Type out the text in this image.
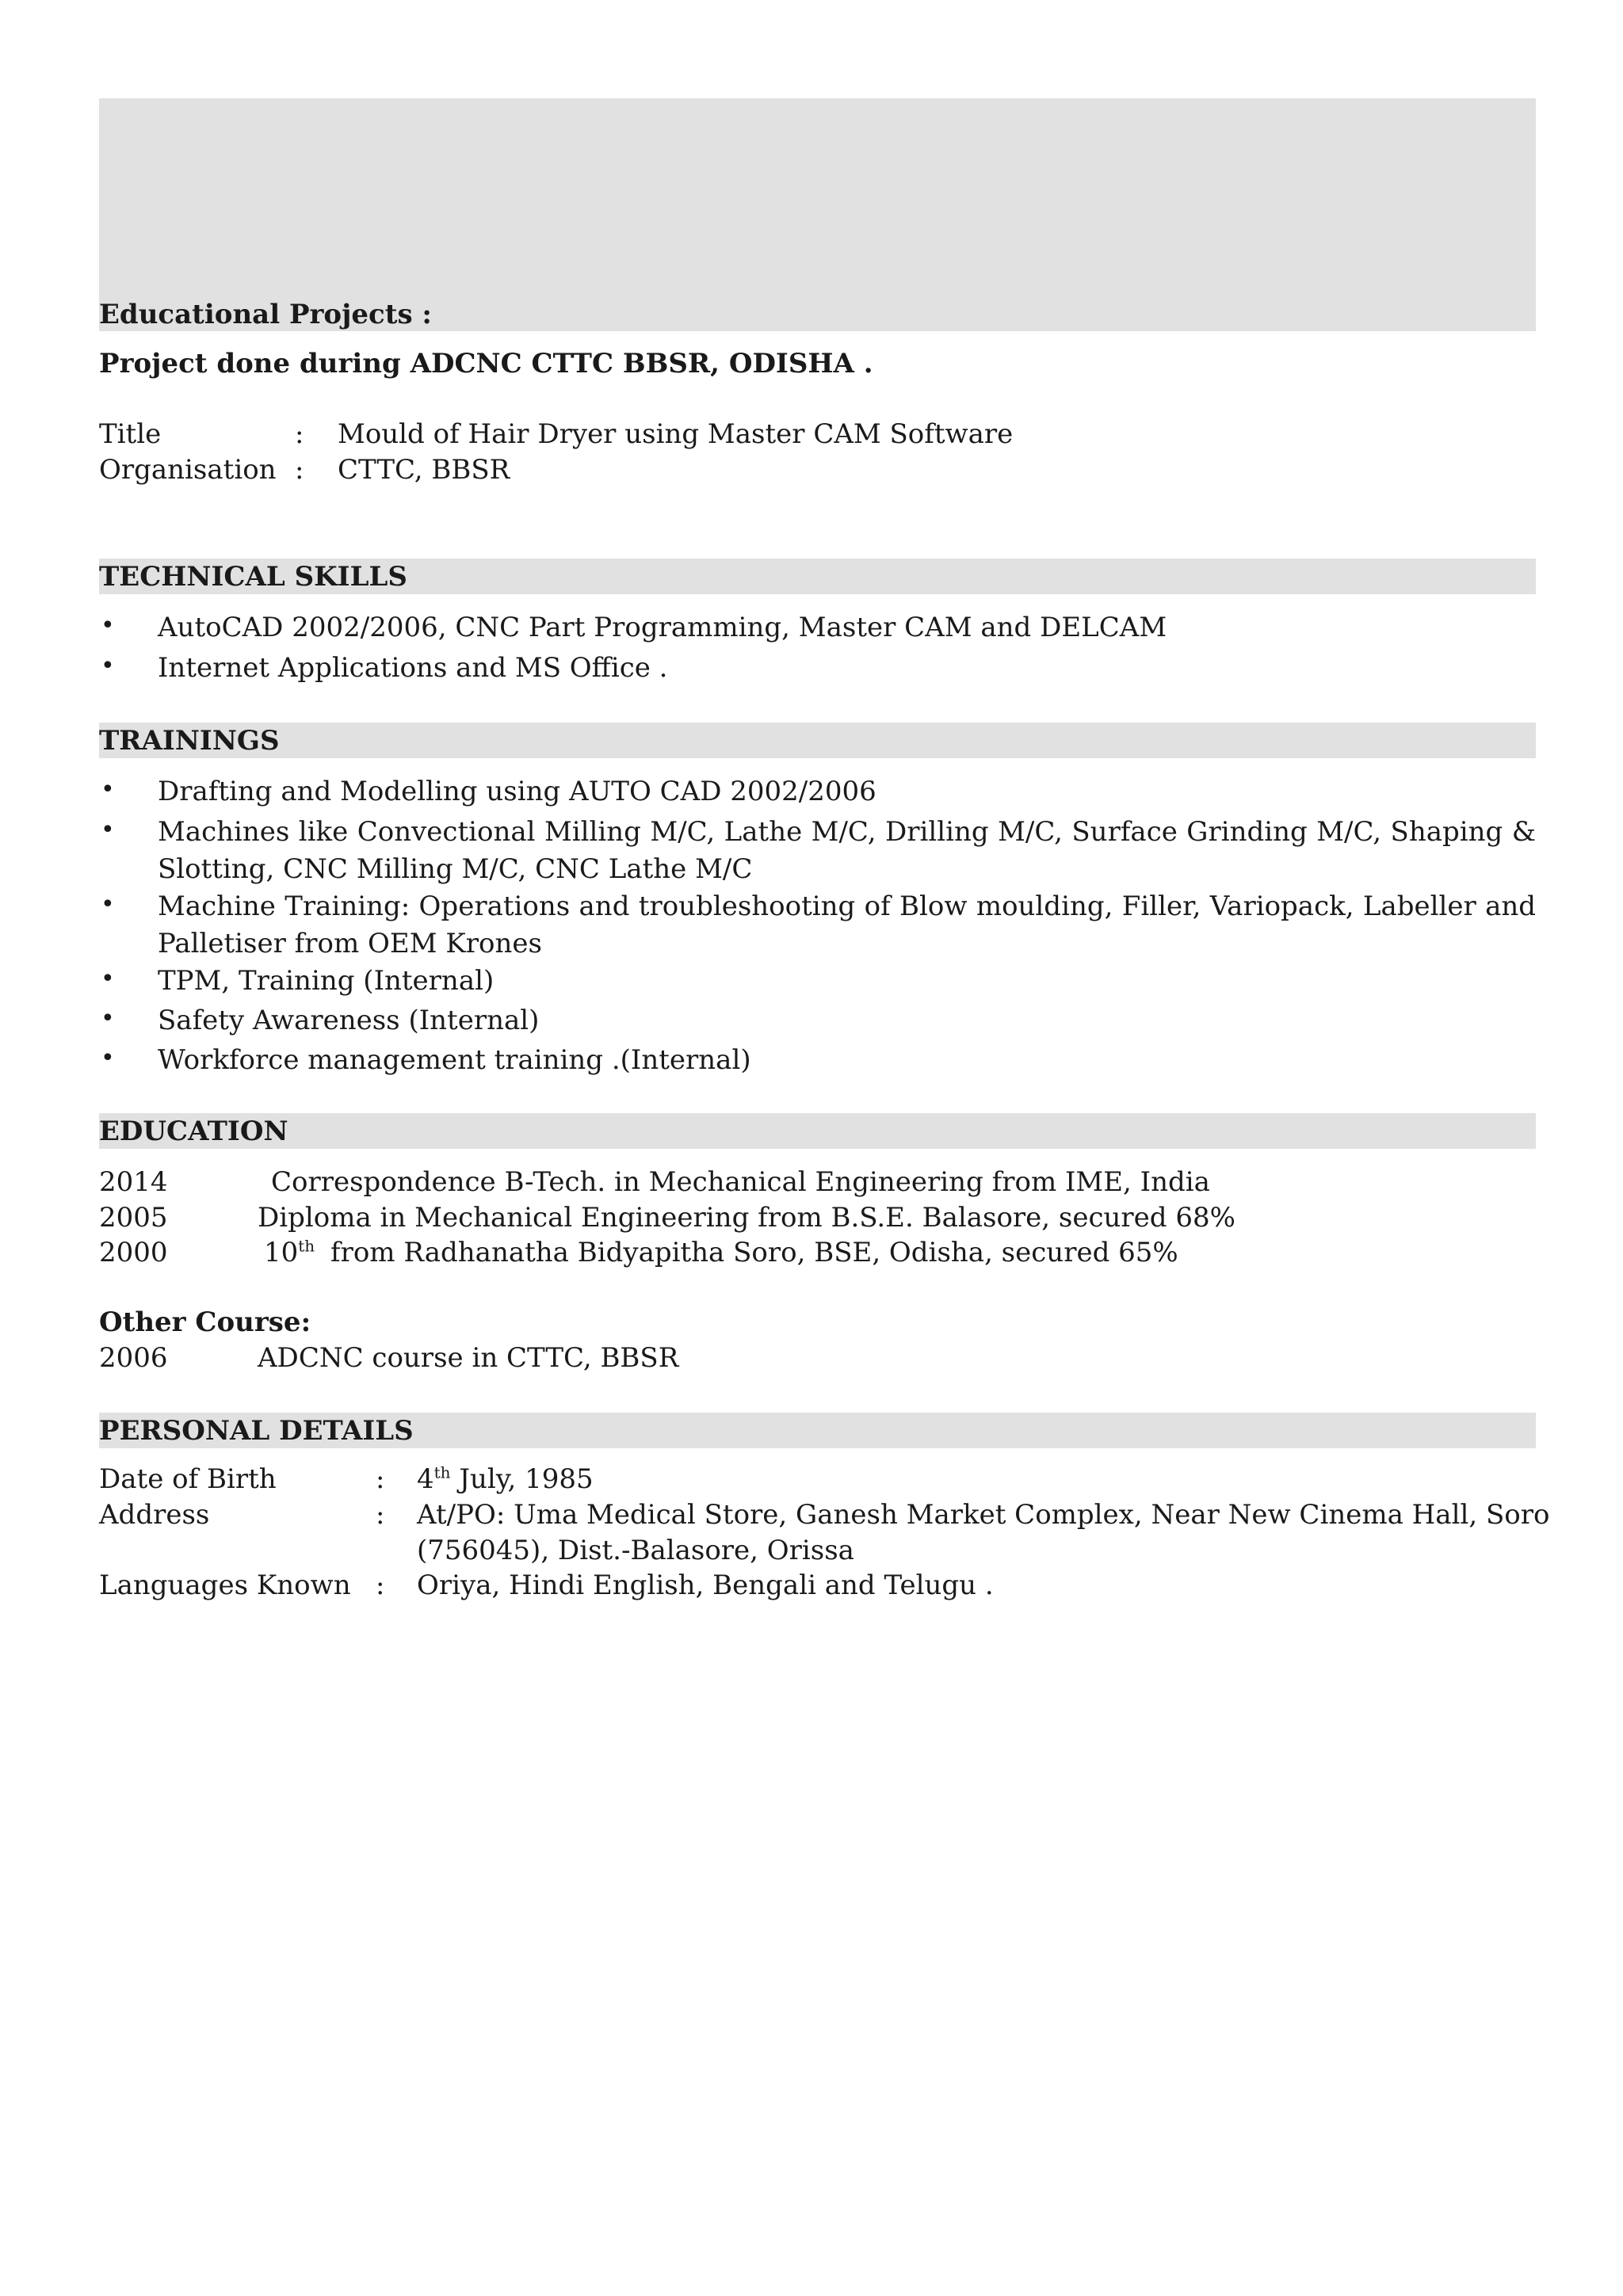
Educational Projects :
Project done during ADCNC CTTC BBSR, ODISHA .
Title	: Mould of Hair Dryer using Master CAM Software
Organisation : CTTC, BBSR
TECHNICAL SKILLS
• AutoCAD 2002/2006, CNC Part Programming, Master CAM and DELCAM
• Internet Applications and MS Office .
TRAININGS
• Drafting and Modelling using AUTO CAD 2002/2006
• Machines like Convectional Milling M/C, Lathe M/C, Drilling M/C, Surface Grinding M/C, Shaping &
Slotting, CNC Milling M/C, CNC Lathe M/C
• Machine Training: Operations and troubleshooting of Blow moulding, Filler, Variopack, Labeller and
Palletiser from OEM Krones
• TPM, Training (Internal)
• Safety Awareness (Internal)
• Workforce management training .(Internal)
EDUCATION
2014	Correspondence B-Tech. in Mechanical Engineering from IME, India
2005	Diploma in Mechanical Engineering from B.S.E. Balasore, secured 68%
2000	10th from Radhanatha Bidyapitha Soro, BSE, Odisha, secured 65%
Other Course:
2006	ADCNC course in CTTC, BBSR
PERSONAL DETAILS
Date of Birth	: 4th July, 1985
Address	: At/PO: Uma Medical Store, Ganesh Market Complex, Near New Cinema Hall, Soro
(756045), Dist.-Balasore, Orissa
Languages Known : Oriya, Hindi English, Bengali and Telugu .
